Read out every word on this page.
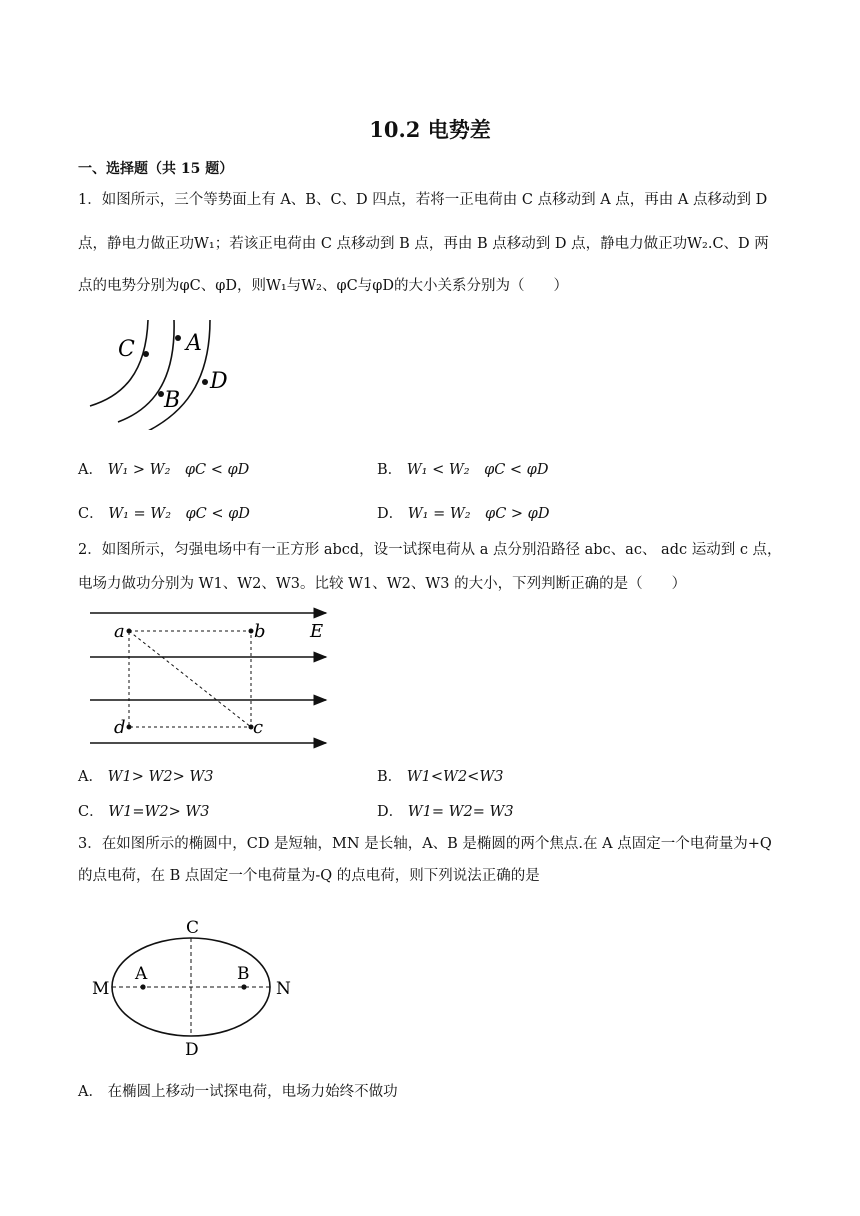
10.2 电势差
一、选择题（共 15 题）
1．如图所示，三个等势面上有 A、B、C、D 四点，若将一正电荷由 C 点移动到 A 点，再由 A 点移动到 D
点，静电力做正功W₁；若该正电荷由 C 点移动到 B 点，再由 B 点移动到 D 点，静电力做正功W₂.C、D 两
点的电势分别为φC、φD，则W₁与W₂、φC与φD的大小关系分别为（　　）
C A
B
D
A． W₁ > W₂　φC < φD	B． W₁ < W₂　φC < φD
C． W₁ = W₂　φC < φD	D． W₁ = W₂　φC > φD
2．如图所示，匀强电场中有一正方形 abcd，设一试探电荷从 a 点分别沿路径 abc、ac、 adc 运动到 c 点，
电场力做功分别为 W1、W2、W3。比较 W1、W2、W3 的大小，下列判断正确的是（　　）
a	b E
d	c
A． W1> W2> W3	B． W1<W2<W3
C． W1=W2> W3	D． W1= W2= W3
3．在如图所示的椭圆中，CD 是短轴，MN 是长轴，A、B 是椭圆的两个焦点.在 A 点固定一个电荷量为+Q
的点电荷，在 B 点固定一个电荷量为-Q 的点电荷，则下列说法正确的是
C
M
A	B
N
D
A． 在椭圆上移动一试探电荷，电场力始终不做功
